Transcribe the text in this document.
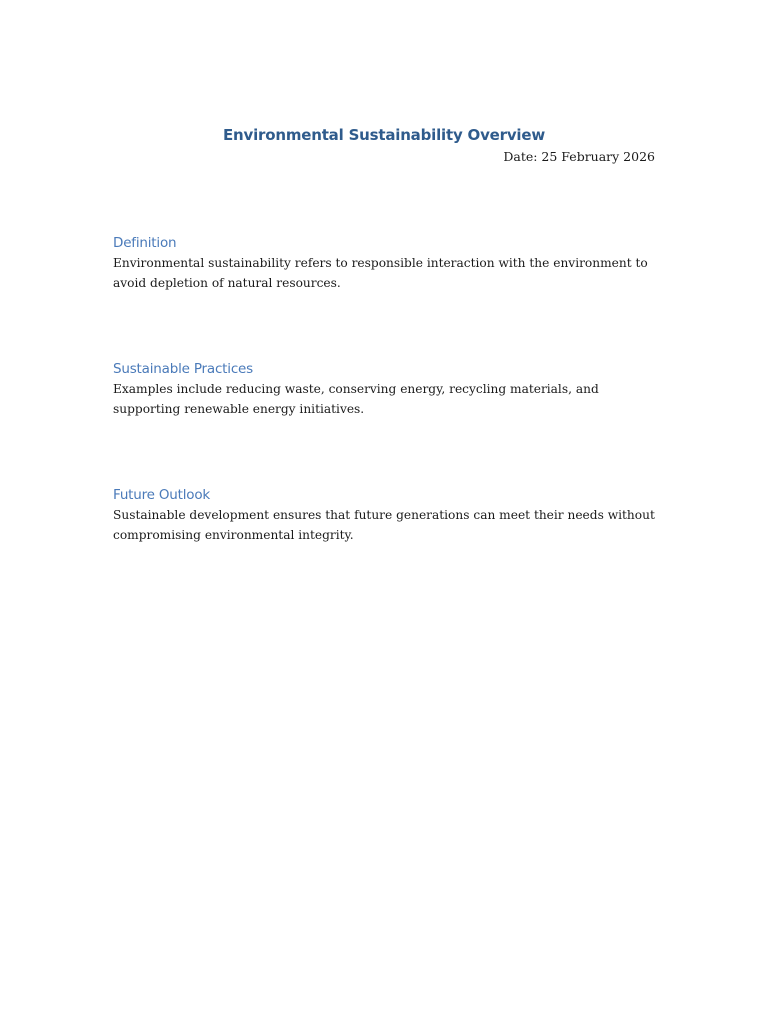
Environmental Sustainability Overview

Date: 25 February 2026

Definition

Environmental sustainability refers to responsible interaction with the environment to avoid depletion of natural resources.

Sustainable Practices

Examples include reducing waste, conserving energy, recycling materials, and supporting renewable energy initiatives.

Future Outlook

Sustainable development ensures that future generations can meet their needs without compromising environmental integrity.
